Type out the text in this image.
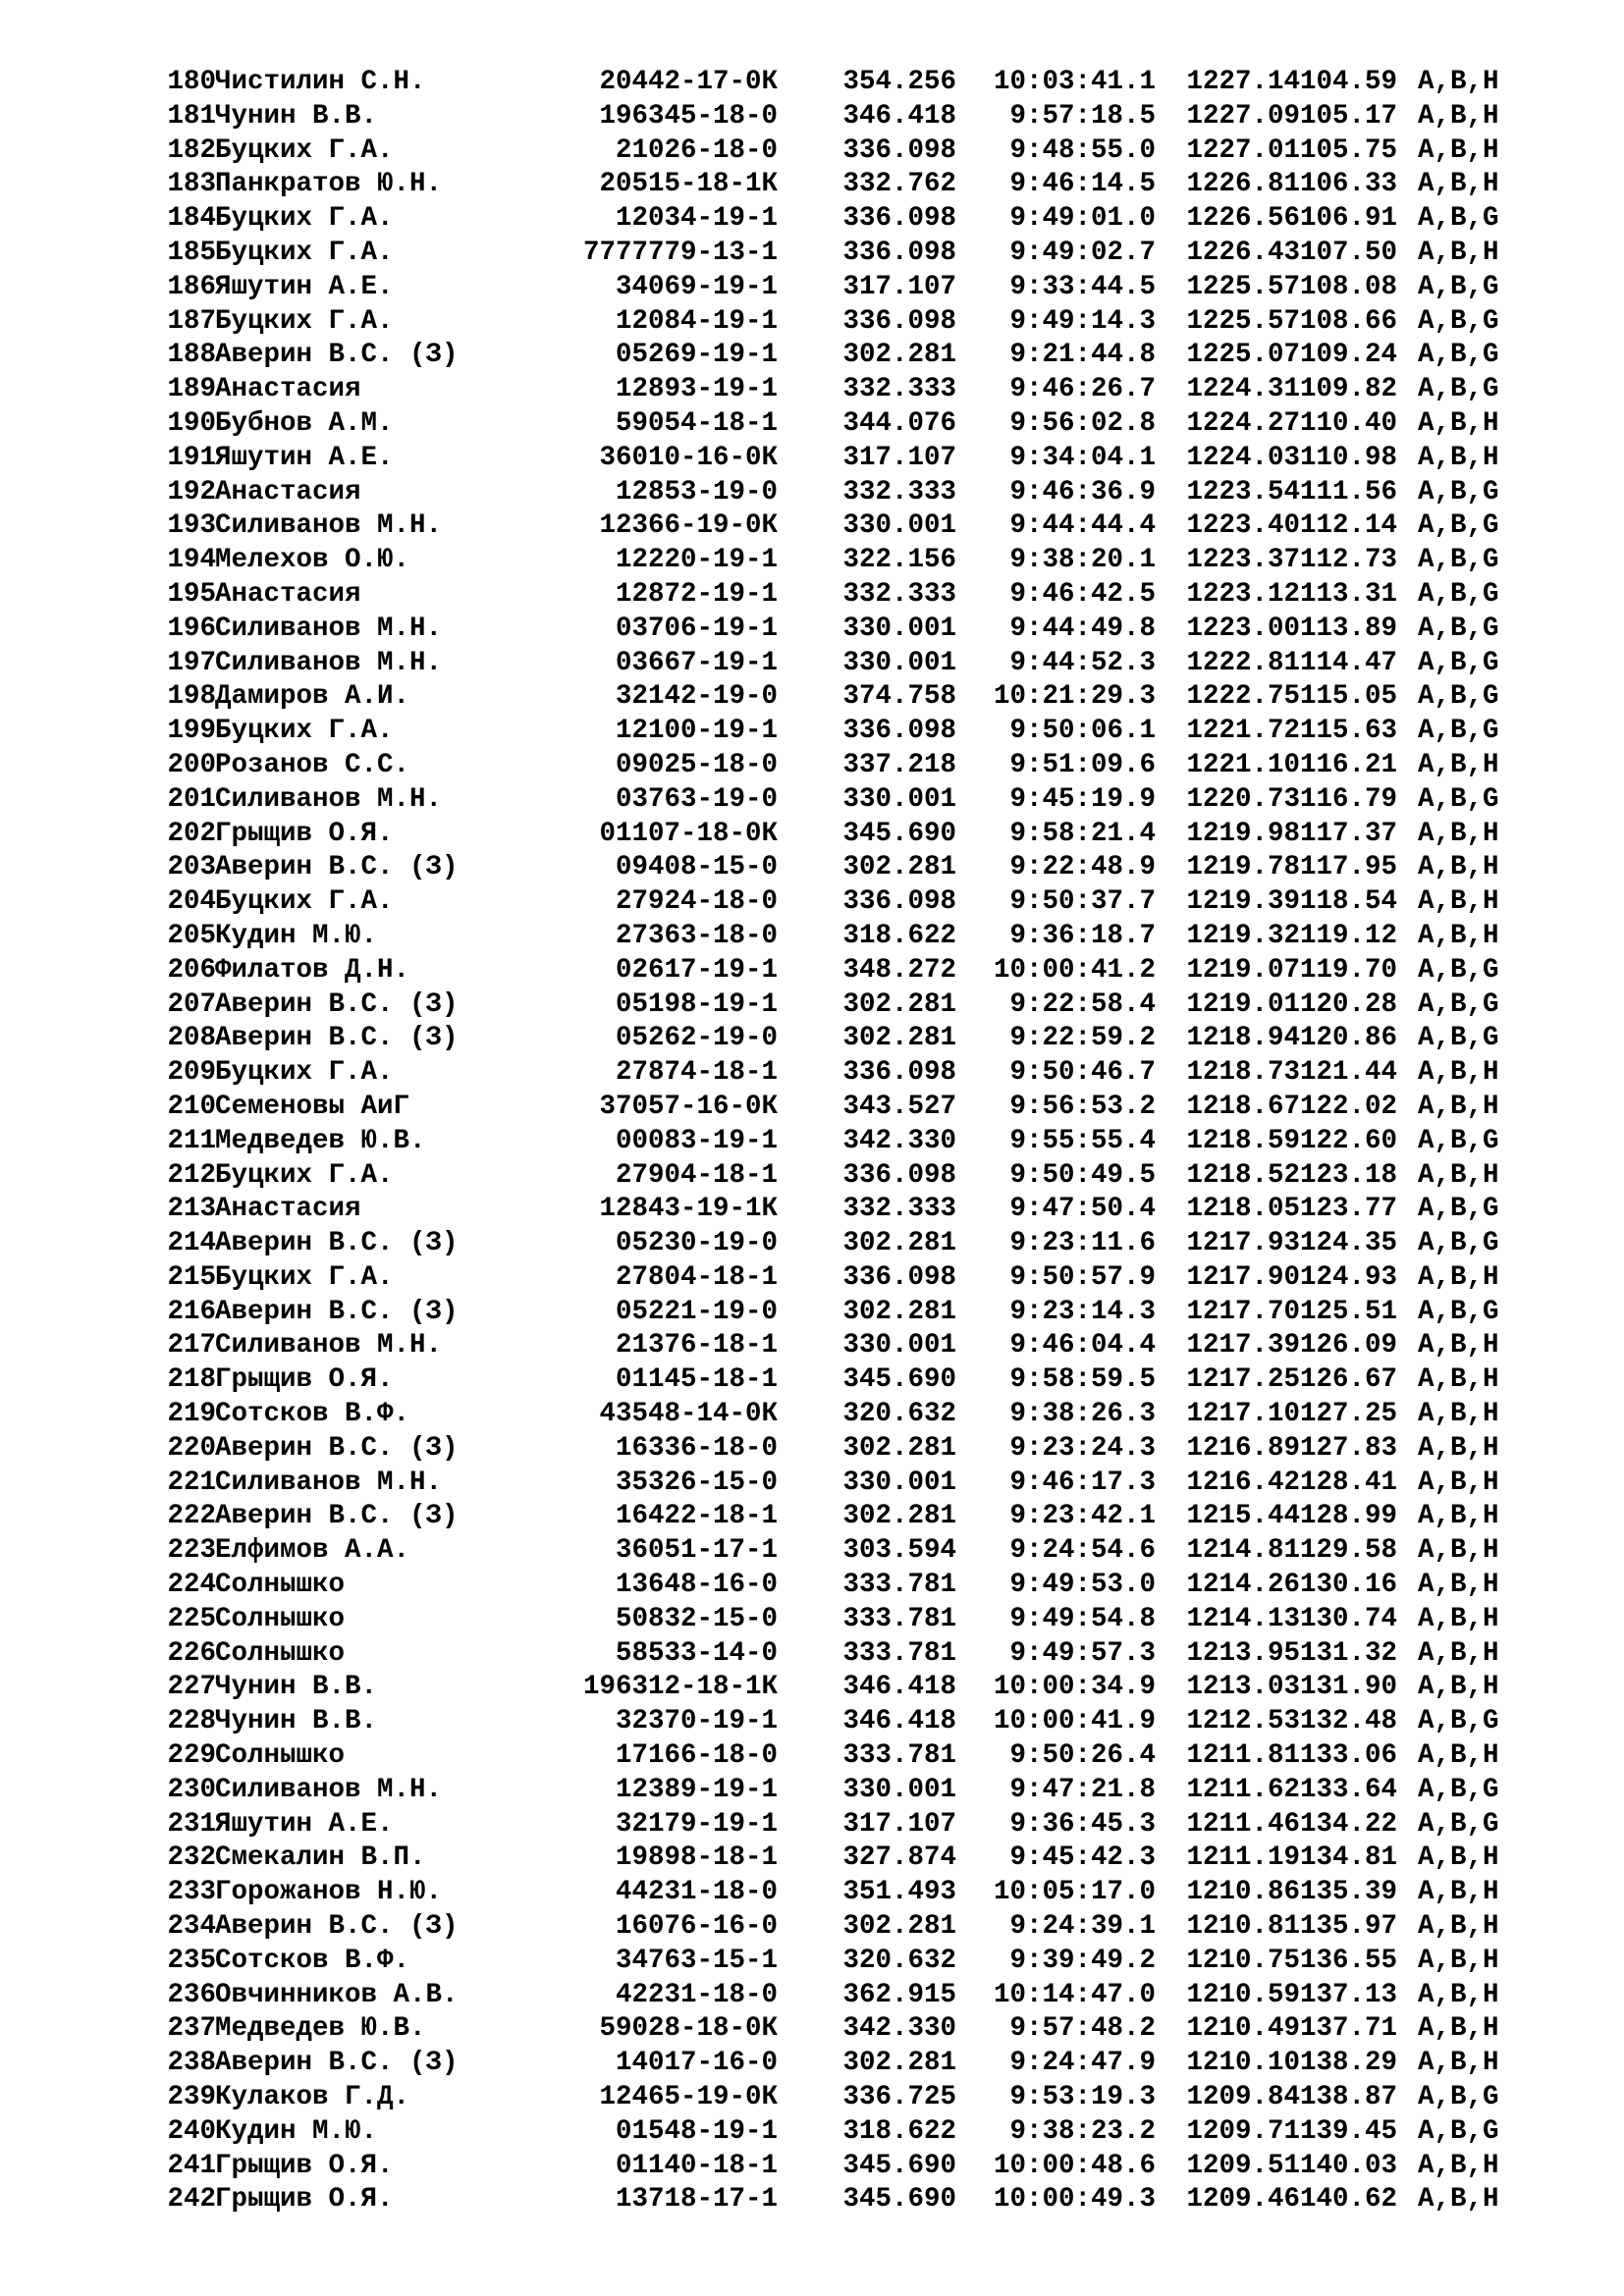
180 Чистилин С.Н.	20442-17-0К 354.256 10:03:41.1 1227.14 104.59 A,B,H
181 Чунин В.В.	196345-18-0 346.418 9:57:18.5 1227.09 105.17 A,B,H
182 Буцких Г.А.	21026-18-0 336.098 9:48:55.0 1227.01 105.75 A,B,H
183 Панкратов Ю.Н.	20515-18-1К 332.762 9:46:14.5 1226.81 106.33 A,B,H
184 Буцких Г.А.	12034-19-1 336.098 9:49:01.0 1226.56 106.91 A,B,G
185 Буцких Г.А.	7777779-13-1 336.098 9:49:02.7 1226.43 107.50 A,B,H
186 Яшутин А.Е.	34069-19-1 317.107 9:33:44.5 1225.57 108.08 A,B,G
187 Буцких Г.А.	12084-19-1 336.098 9:49:14.3 1225.57 108.66 A,B,G
188 Аверин В.С. (З)	05269-19-1 302.281 9:21:44.8 1225.07 109.24 A,B,G
189 Анастасия	12893-19-1 332.333 9:46:26.7 1224.31 109.82 A,B,G
190 Бубнов А.М.	59054-18-1 344.076 9:56:02.8 1224.27 110.40 A,B,H
191 Яшутин А.Е.	36010-16-0К 317.107 9:34:04.1 1224.03 110.98 A,B,H
192 Анастасия	12853-19-0 332.333 9:46:36.9 1223.54 111.56 A,B,G
193 Силиванов М.Н.	12366-19-0К 330.001 9:44:44.4 1223.40 112.14 A,B,G
194 Мелехов О.Ю.	12220-19-1 322.156 9:38:20.1 1223.37 112.73 A,B,G
195 Анастасия	12872-19-1 332.333 9:46:42.5 1223.12 113.31 A,B,G
196 Силиванов М.Н.	03706-19-1 330.001 9:44:49.8 1223.00 113.89 A,B,G
197 Силиванов М.Н.	03667-19-1 330.001 9:44:52.3 1222.81 114.47 A,B,G
198 Дамиров А.И.	32142-19-0 374.758 10:21:29.3 1222.75 115.05 A,B,G
199 Буцких Г.А.	12100-19-1 336.098 9:50:06.1 1221.72 115.63 A,B,G
200 Розанов С.С.	09025-18-0 337.218 9:51:09.6 1221.10 116.21 A,B,H
201 Силиванов М.Н.	03763-19-0 330.001 9:45:19.9 1220.73 116.79 A,B,G
202 Грыщив О.Я.	01107-18-0К 345.690 9:58:21.4 1219.98 117.37 A,B,H
203 Аверин В.С. (З)	09408-15-0 302.281 9:22:48.9 1219.78 117.95 A,B,H
204 Буцких Г.А.	27924-18-0 336.098 9:50:37.7 1219.39 118.54 A,B,H
205 Кудин М.Ю.	27363-18-0 318.622 9:36:18.7 1219.32 119.12 A,B,H
206 Филатов Д.Н.	02617-19-1 348.272 10:00:41.2 1219.07 119.70 A,B,G
207 Аверин В.С. (З)	05198-19-1 302.281 9:22:58.4 1219.01 120.28 A,B,G
208 Аверин В.С. (З)	05262-19-0 302.281 9:22:59.2 1218.94 120.86 A,B,G
209 Буцких Г.А.	27874-18-1 336.098 9:50:46.7 1218.73 121.44 A,B,H
210 Семеновы АиГ	37057-16-0К 343.527 9:56:53.2 1218.67 122.02 A,B,H
211 Медведев Ю.В.	00083-19-1 342.330 9:55:55.4 1218.59 122.60 A,B,G
212 Буцких Г.А.	27904-18-1 336.098 9:50:49.5 1218.52 123.18 A,B,H
213 Анастасия	12843-19-1К 332.333 9:47:50.4 1218.05 123.77 A,B,G
214 Аверин В.С. (З)	05230-19-0 302.281 9:23:11.6 1217.93 124.35 A,B,G
215 Буцких Г.А.	27804-18-1 336.098 9:50:57.9 1217.90 124.93 A,B,H
216 Аверин В.С. (З)	05221-19-0 302.281 9:23:14.3 1217.70 125.51 A,B,G
217 Силиванов М.Н.	21376-18-1 330.001 9:46:04.4 1217.39 126.09 A,B,H
218 Грыщив О.Я.	01145-18-1 345.690 9:58:59.5 1217.25 126.67 A,B,H
219 Сотсков В.Ф.	43548-14-0К 320.632 9:38:26.3 1217.10 127.25 A,B,H
220 Аверин В.С. (З)	16336-18-0 302.281 9:23:24.3 1216.89 127.83 A,B,H
221 Силиванов М.Н.	35326-15-0 330.001 9:46:17.3 1216.42 128.41 A,B,H
222 Аверин В.С. (З)	16422-18-1 302.281 9:23:42.1 1215.44 128.99 A,B,H
223 Елфимов А.А.	36051-17-1 303.594 9:24:54.6 1214.81 129.58 A,B,H
224 Солнышко	13648-16-0 333.781 9:49:53.0 1214.26 130.16 A,B,H
225 Солнышко	50832-15-0 333.781 9:49:54.8 1214.13 130.74 A,B,H
226 Солнышко	58533-14-0 333.781 9:49:57.3 1213.95 131.32 A,B,H
227 Чунин В.В.	196312-18-1К 346.418 10:00:34.9 1213.03 131.90 A,B,H
228 Чунин В.В.	32370-19-1 346.418 10:00:41.9 1212.53 132.48 A,B,G
229 Солнышко	17166-18-0 333.781 9:50:26.4 1211.81 133.06 A,B,H
230 Силиванов М.Н.	12389-19-1 330.001 9:47:21.8 1211.62 133.64 A,B,G
231 Яшутин А.Е.	32179-19-1 317.107 9:36:45.3 1211.46 134.22 A,B,G
232 Смекалин В.П.	19898-18-1 327.874 9:45:42.3 1211.19 134.81 A,B,H
233 Горожанов Н.Ю.	44231-18-0 351.493 10:05:17.0 1210.86 135.39 A,B,H
234 Аверин В.С. (З)	16076-16-0 302.281 9:24:39.1 1210.81 135.97 A,B,H
235 Сотсков В.Ф.	34763-15-1 320.632 9:39:49.2 1210.75 136.55 A,B,H
236 Овчинников А.В.	42231-18-0 362.915 10:14:47.0 1210.59 137.13 A,B,H
237 Медведев Ю.В.	59028-18-0К 342.330 9:57:48.2 1210.49 137.71 A,B,H
238 Аверин В.С. (З)	14017-16-0 302.281 9:24:47.9 1210.10 138.29 A,B,H
239 Кулаков Г.Д.	12465-19-0К 336.725 9:53:19.3 1209.84 138.87 A,B,G
240 Кудин М.Ю.	01548-19-1 318.622 9:38:23.2 1209.71 139.45 A,B,G
241 Грыщив О.Я.	01140-18-1 345.690 10:00:48.6 1209.51 140.03 A,B,H
242 Грыщив О.Я.	13718-17-1 345.690 10:00:49.3 1209.46 140.62 A,B,H
